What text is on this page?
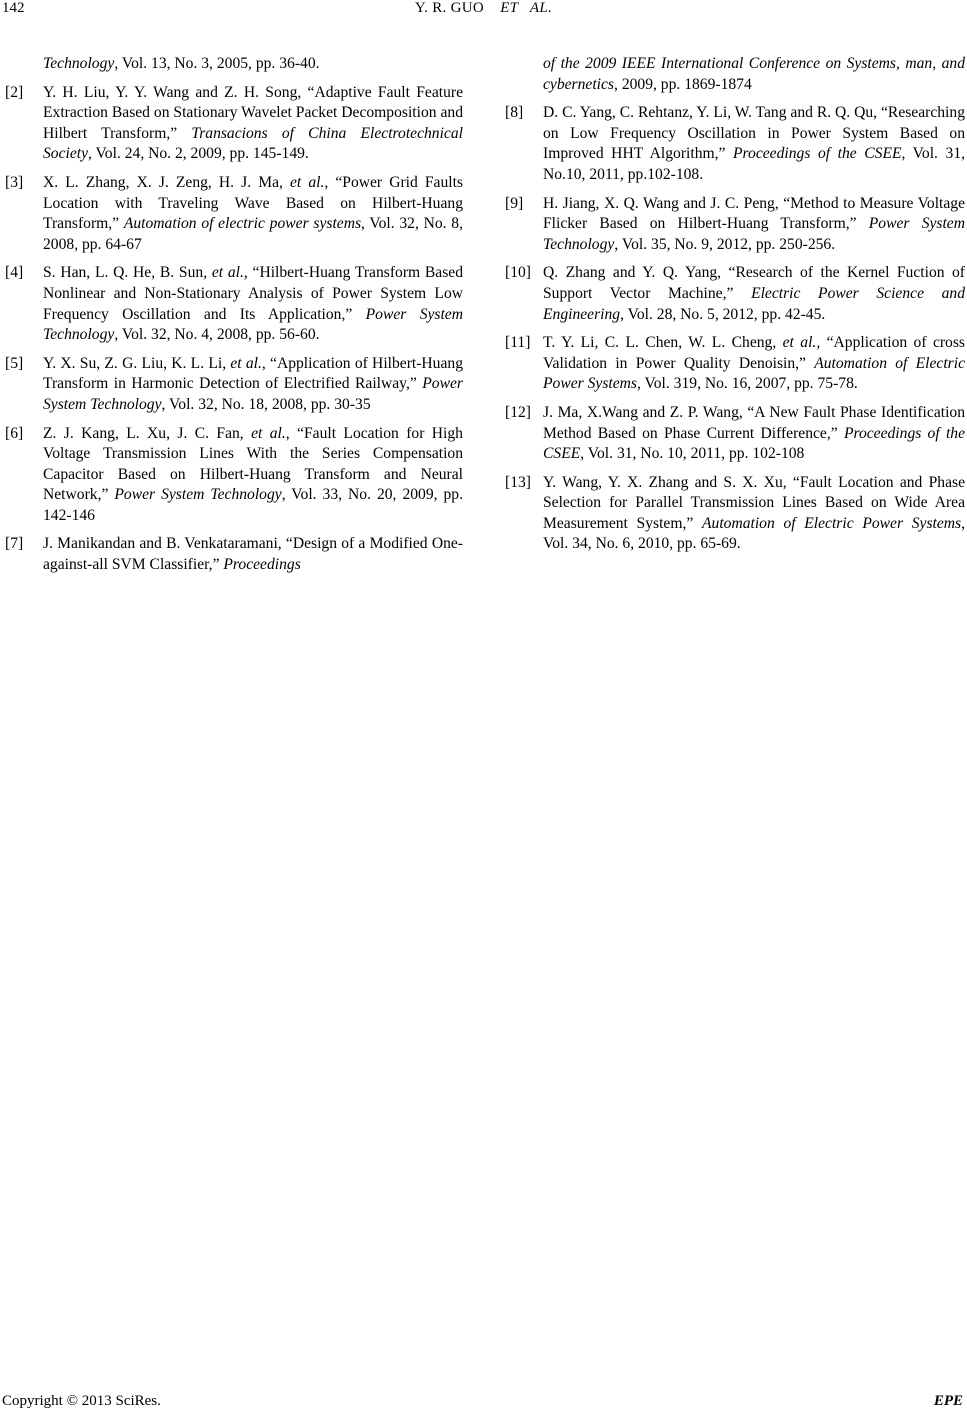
142	Y. R. GUO ET   AL.
Technology, Vol. 13, No. 3, 2005, pp. 36-40.
[2] Y. H. Liu, Y. Y. Wang and Z. H. Song, “Adaptive Fault Feature Extraction Based on Stationary Wavelet Packet Decomposition and Hilbert Transform,” Transacions of China Electrotechnical Society, Vol. 24, No. 2, 2009, pp. 145-149.
[3] X. L. Zhang, X. J. Zeng, H. J. Ma, et al., “Power Grid Faults Location with Traveling Wave Based on Hilbert-Huang Transform,” Automation of electric power systems, Vol. 32, No. 8, 2008, pp. 64-67
[4] S. Han, L. Q. He, B. Sun, et al., “Hilbert-Huang Transform Based Nonlinear and Non-Stationary Analysis of Power System Low Frequency Oscillation and Its Application,” Power System Technology, Vol. 32, No. 4, 2008, pp. 56-60.
[5] Y. X. Su, Z. G. Liu, K. L. Li, et al., “Application of Hilbert-Huang Transform in Harmonic Detection of Electrified Railway,” Power System Technology, Vol. 32, No. 18, 2008, pp. 30-35
[6] Z. J. Kang, L. Xu, J. C. Fan, et al., “Fault Location for High Voltage Transmission Lines With the Series Compensation Capacitor Based on Hilbert-Huang Transform and Neural Network,” Power System Technology, Vol. 33, No. 20, 2009, pp. 142-146
[7] J. Manikandan and B. Venkataramani, “Design of a Modified One-against-all SVM Classifier,” Proceedings
of the 2009 IEEE International Conference on Systems, man, and cybernetics, 2009, pp. 1869-1874
[8] D. C. Yang, C. Rehtanz, Y. Li, W. Tang and R. Q. Qu, “Researching on Low Frequency Oscillation in Power System Based on Improved HHT Algorithm,” Proceedings of the CSEE, Vol. 31, No.10, 2011, pp.102-108.
[9] H. Jiang, X. Q. Wang and J. C. Peng, “Method to Measure Voltage Flicker Based on Hilbert-Huang Transform,” Power System Technology, Vol. 35, No. 9, 2012, pp. 250-256.
[10] Q. Zhang and Y. Q. Yang, “Research of the Kernel Fuction of Support Vector Machine,” Electric Power Science and Engineering, Vol. 28, No. 5, 2012, pp. 42-45.
[11] T. Y. Li, C. L. Chen, W. L. Cheng, et al., “Application of cross Validation in Power Quality Denoisin,” Automation of Electric Power Systems, Vol. 319, No. 16, 2007, pp. 75-78.
[12] J. Ma, X.Wang and Z. P. Wang, “A New Fault Phase Identification Method Based on Phase Current Difference,” Proceedings of the CSEE, Vol. 31, No. 10, 2011, pp. 102-108
[13] Y. Wang, Y. X. Zhang and S. X. Xu, “Fault Location and Phase Selection for Parallel Transmission Lines Based on Wide Area Measurement System,” Automation of Electric Power Systems, Vol. 34, No. 6, 2010, pp. 65-69.
Copyright © 2013 SciRes.	EPE
